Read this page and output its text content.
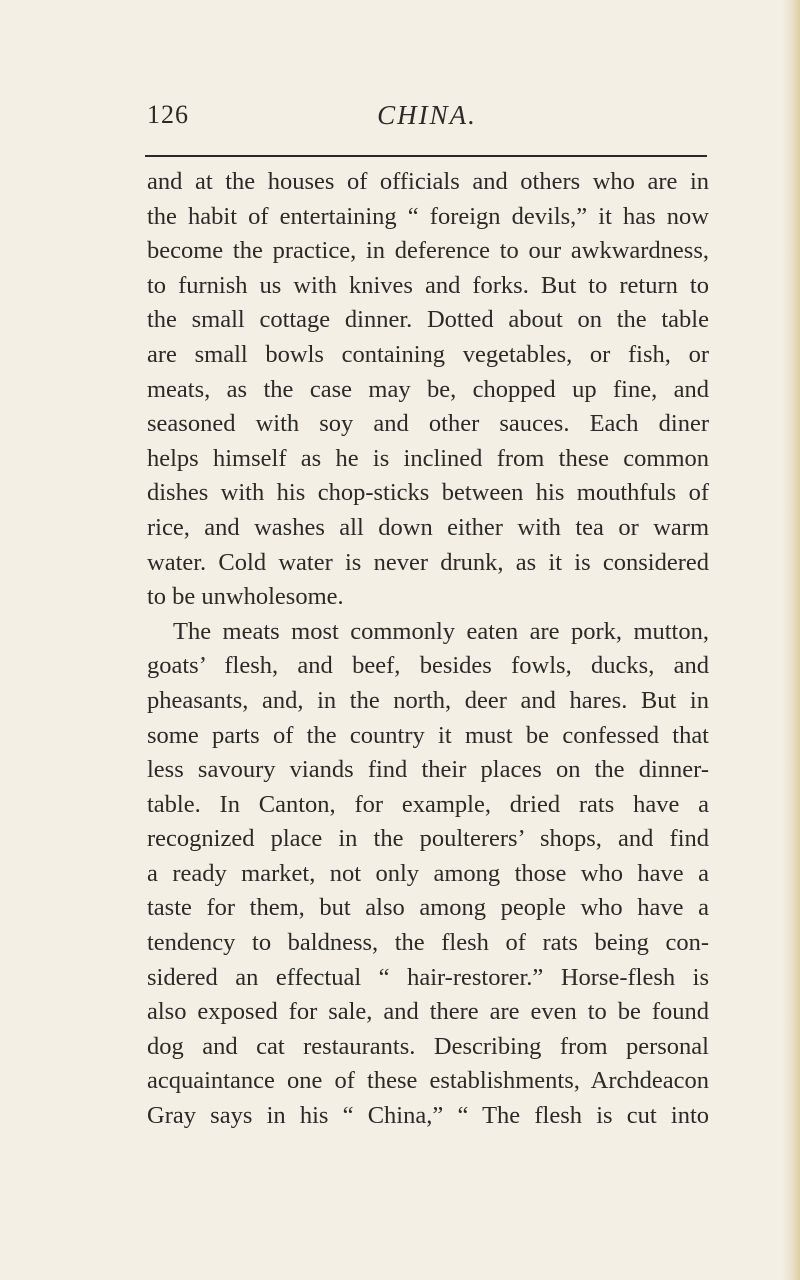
126	CHINA.
and at the houses of officials and others who are in
the habit of entertaining “ foreign devils,” it has now
become the practice, in deference to our awkwardness,
to furnish us with knives and forks. But to return to
the small cottage dinner. Dotted about on the table
are small bowls containing vegetables, or fish, or
meats, as the case may be, chopped up fine, and
seasoned with soy and other sauces. Each diner
helps himself as he is inclined from these common
dishes with his chop-sticks between his mouthfuls of
rice, and washes all down either with tea or warm
water. Cold water is never drunk, as it is considered
to be unwholesome.
The meats most commonly eaten are pork, mutton,
goats’ flesh, and beef, besides fowls, ducks, and
pheasants, and, in the north, deer and hares. But in
some parts of the country it must be confessed that
less savoury viands find their places on the dinner-
table. In Canton, for example, dried rats have a
recognized place in the poulterers’ shops, and find
a ready market, not only among those who have a
taste for them, but also among people who have a
tendency to baldness, the flesh of rats being con-
sidered an effectual “ hair-restorer.” Horse-flesh is
also exposed for sale, and there are even to be found
dog and cat restaurants. Describing from personal
acquaintance one of these establishments, Archdeacon
Gray says in his “ China,” “ The flesh is cut into
